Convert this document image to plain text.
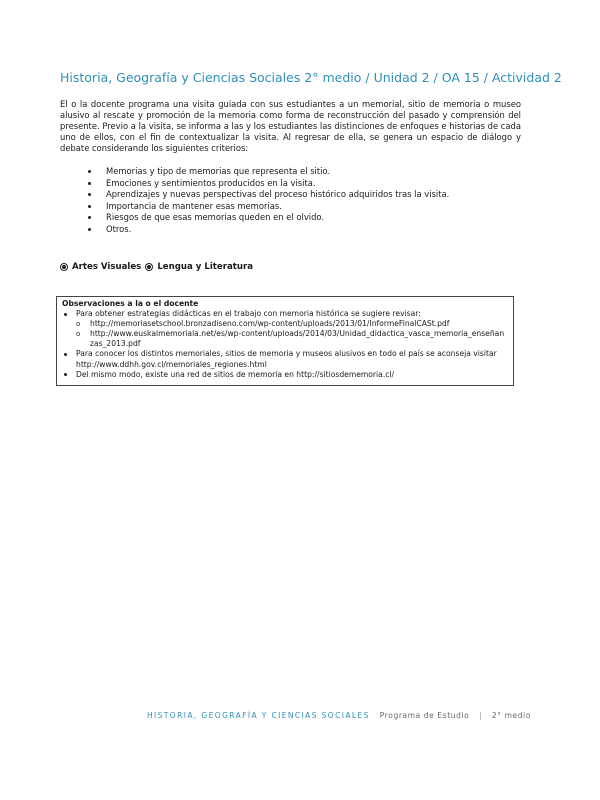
Historia, Geografía y Ciencias Sociales 2° medio / Unidad 2 / OA 15 / Actividad 2

El o la docente programa una visita guiada con sus estudiantes a un memorial, sitio de memoria o museo alusivo al rescate y promoción de la memoria como forma de reconstrucción del pasado y comprensión del presente. Previo a la visita, se informa a las y los estudiantes las distinciones de enfoques e historias de cada uno de ellos, con el fin de contextualizar la visita. Al regresar de ella, se genera un espacio de diálogo y debate considerando los siguientes criterios:

Memorias y tipo de memorias que representa el sitio.
Emociones y sentimientos producidos en la visita.
Aprendizajes y nuevas perspectivas del proceso histórico adquiridos tras la visita.
Importancia de mantener esas memorias.
Riesgos de que esas memorias queden en el olvido.
Otros.
Artes Visuales Lengua y Literatura
Observaciones a la o el docente
Para obtener estrategias didácticas en el trabajo con memoria histórica se sugiere revisar:
o http://memoriasetschool.bronzadiseno.com/wp-content/uploads/2013/01/InformeFinalCASt.pdf
o http://www.euskalmemoriala.net/es/wp-content/uploads/2014/03/Unidad_didactica_vasca_memoria_enseñanzas_2013.pdf
Para conocer los distintos memoriales, sitios de memoria y museos alusivos en todo el país se aconseja visitar http://www.ddhh.gov.cl/memoriales_regiones.html
Del mismo modo, existe una red de sitios de memoria en http://sitiosdememoria.cl/
HISTORIA, GEOGRAFÍA Y CIENCIAS SOCIALES Programa de Estudio | 2° medio
